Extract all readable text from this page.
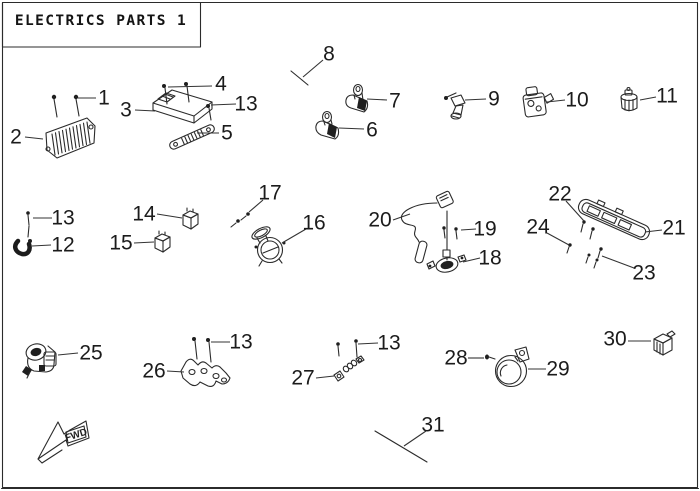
FWD
ELECTRICS PARTS 1
1
2
3
4
13
5
8
7
6
9	10	11
13
12
14
15
17
16 20	19
18
22
24	21
23
25
26
13
27
13
28	29
30
31
